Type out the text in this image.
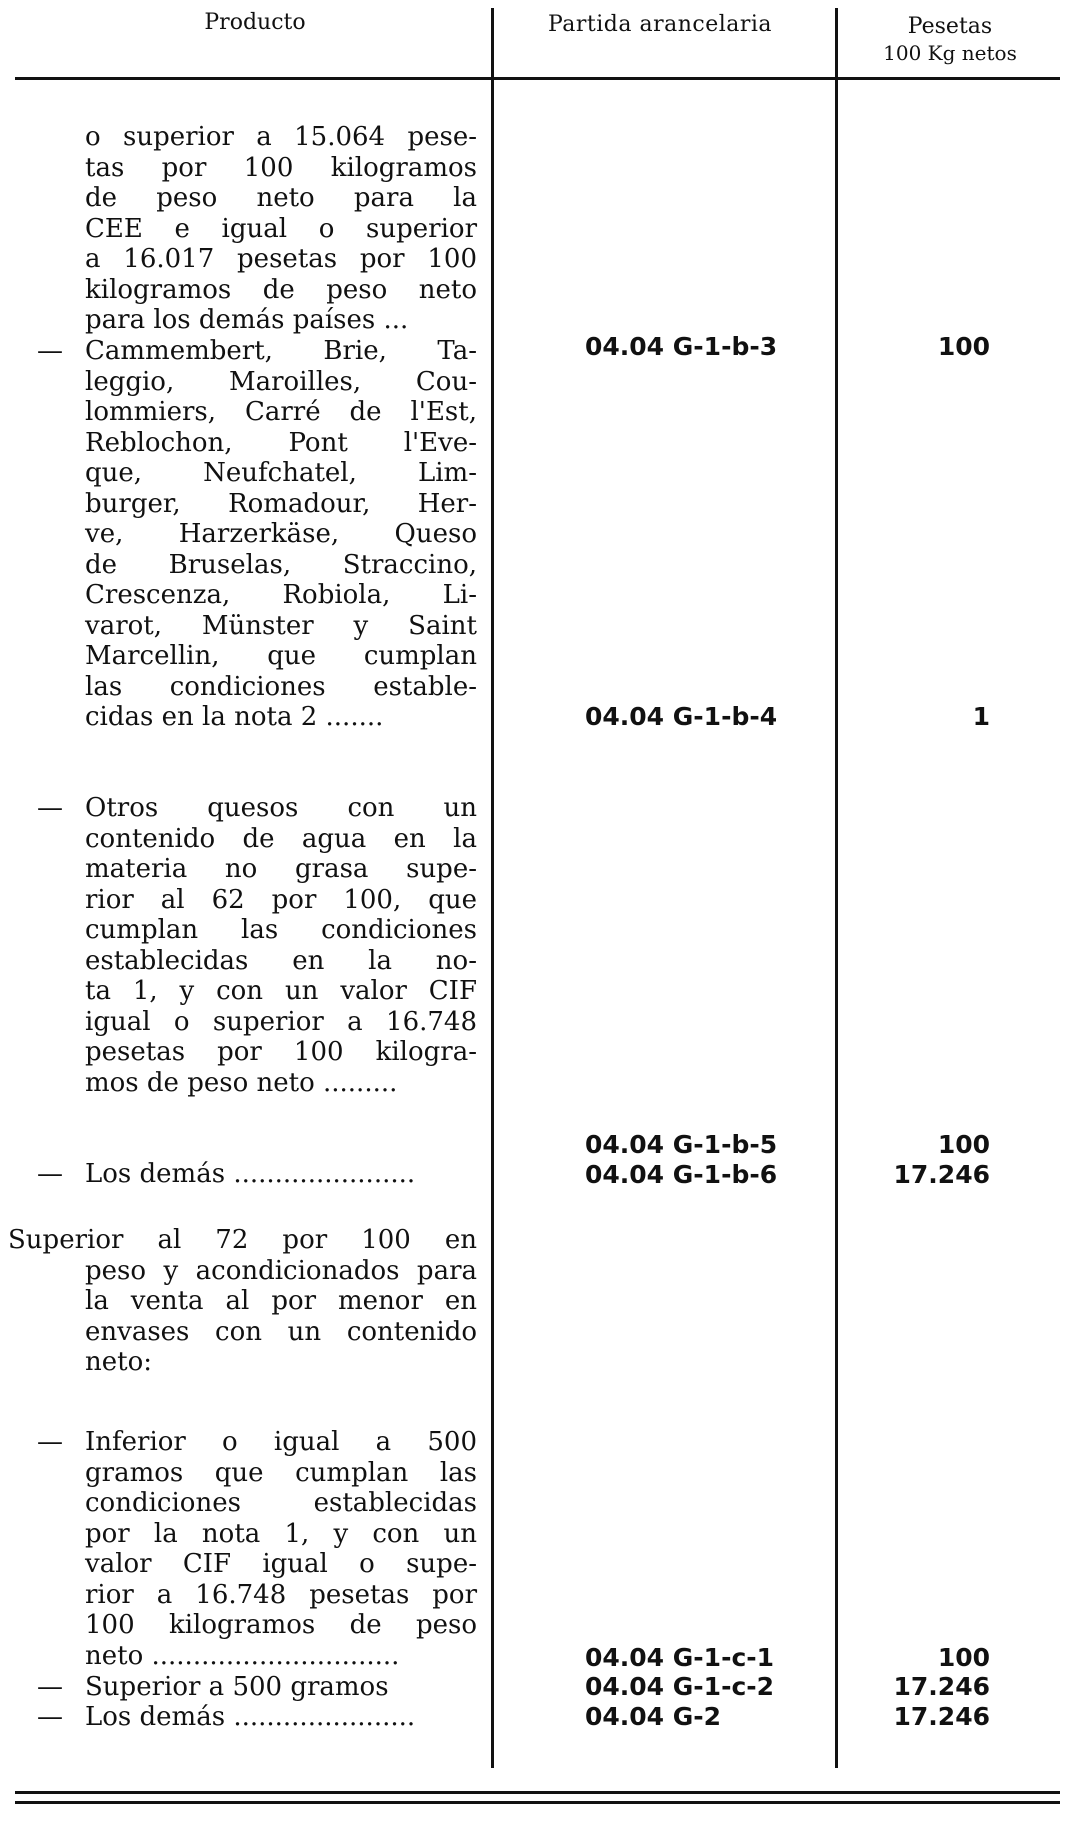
Producto	Partida arancelaria	Pesetas
100 Kg netos
o superior a 15.064 pese-
tas por 100 kilogramos
de peso neto para la
CEE e igual o superior
a 16.017 pesetas por 100
kilogramos de peso neto
para los demás países ...
04.04 G-1-b-3	100
— Cammembert, Brie, Ta-
leggio, Maroilles, Cou-
lommiers, Carré de l'Est,
Reblochon, Pont l'Eve-
que, Neufchatel, Lim-
burger, Romadour, Her-
ve, Harzerkäse, Queso
de Bruselas, Straccino,
Crescenza, Robiola, Li-
varot, Münster y Saint
Marcellin, que cumplan
las condiciones estable-
cidas en la nota 2 .......	04.04 G-1-b-4	1
— Otros quesos con un
contenido de agua en la
materia no grasa supe-
rior al 62 por 100, que
cumplan las condiciones
establecidas en la no-
ta 1, y con un valor CIF
igual o superior a 16.748
pesetas por 100 kilogra-
mos de peso neto .........
04.04 G-1-b-5	100
— Los demás ......................	04.04 G-1-b-6	17.246
Superior al 72 por 100 en
peso y acondicionados para
la venta al por menor en
envases con un contenido
neto:
— Inferior o igual a 500
gramos que cumplan las
condiciones establecidas
por la nota 1, y con un
valor CIF igual o supe-
rior a 16.748 pesetas por
100 kilogramos de peso
neto ..............................	04.04 G-1-c-1	100
— Superior a 500 gramos	04.04 G-1-c-2	17.246
— Los demás ......................	04.04 G-2	17.246
